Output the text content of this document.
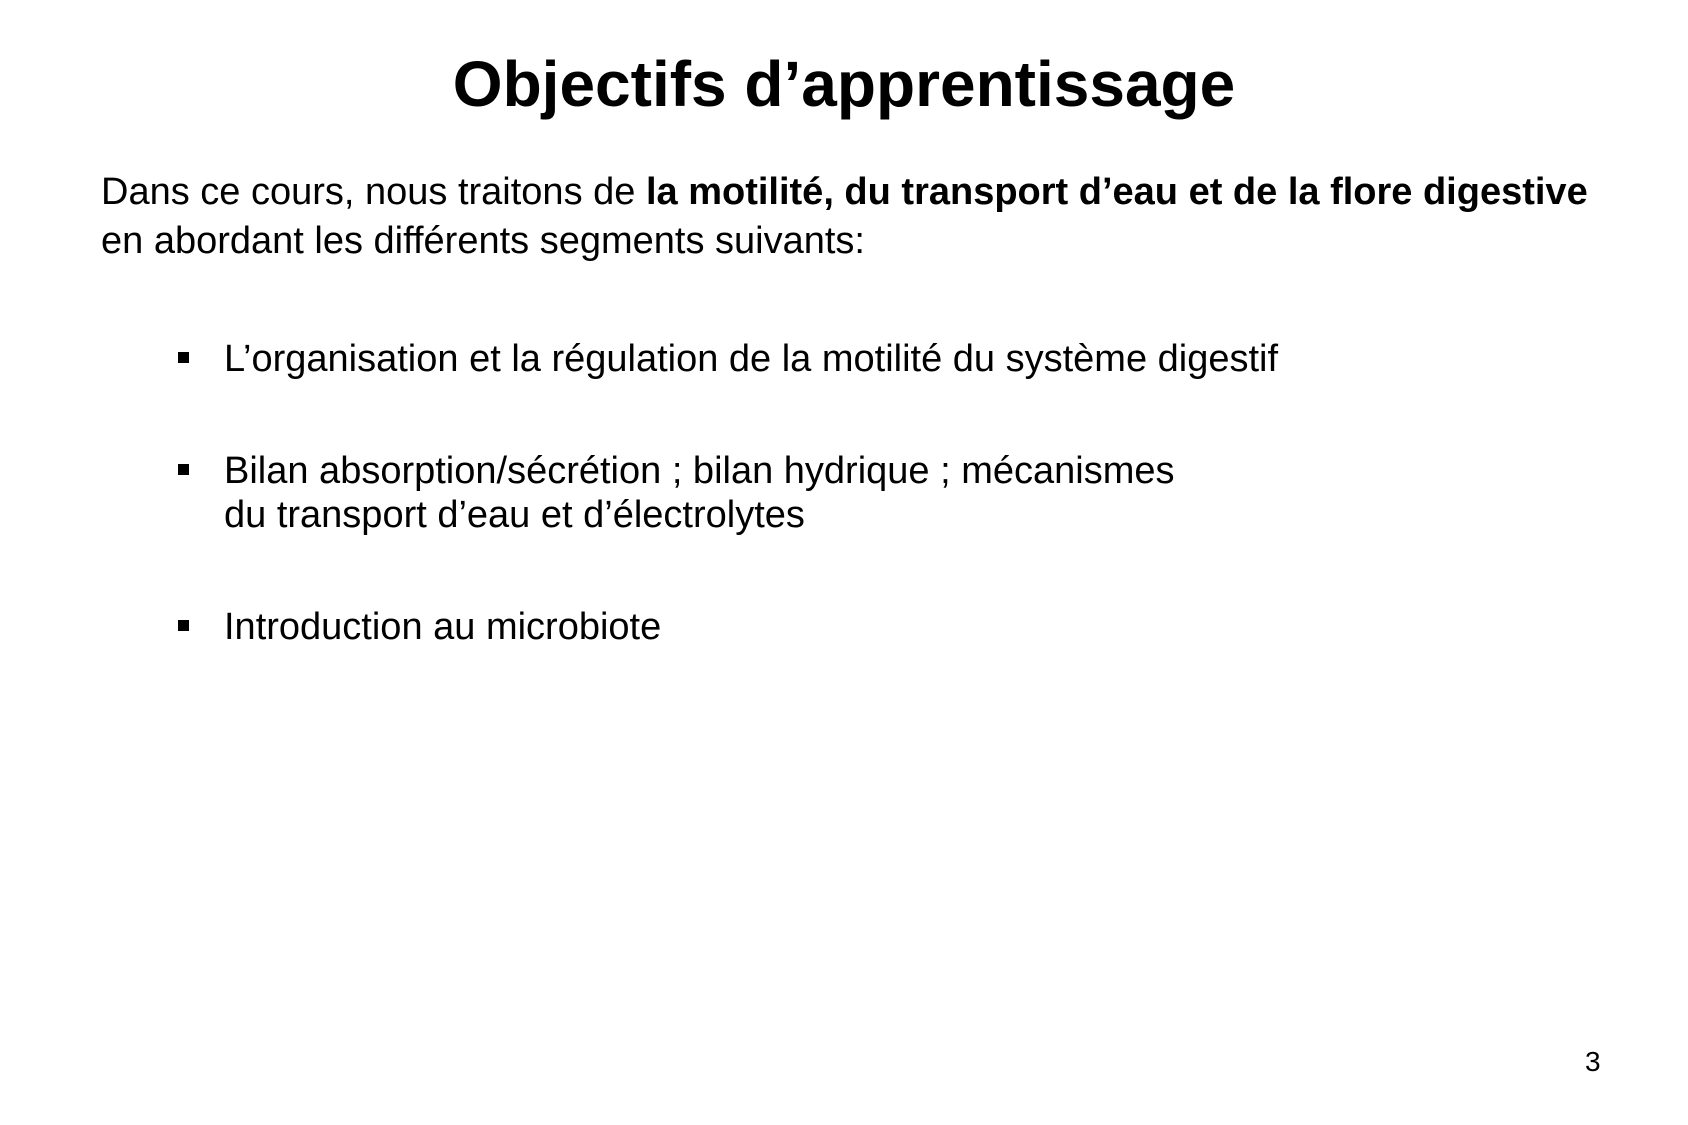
Objectifs d’apprentissage

Dans ce cours, nous traitons de la motilité, du transport d’eau et de la flore digestive en abordant les différents segments suivants:

L’organisation et la régulation de la motilité du système digestif
Bilan absorption/sécrétion ; bilan hydrique ; mécanismes
du transport d’eau et d’électrolytes
Introduction au microbiote
3
